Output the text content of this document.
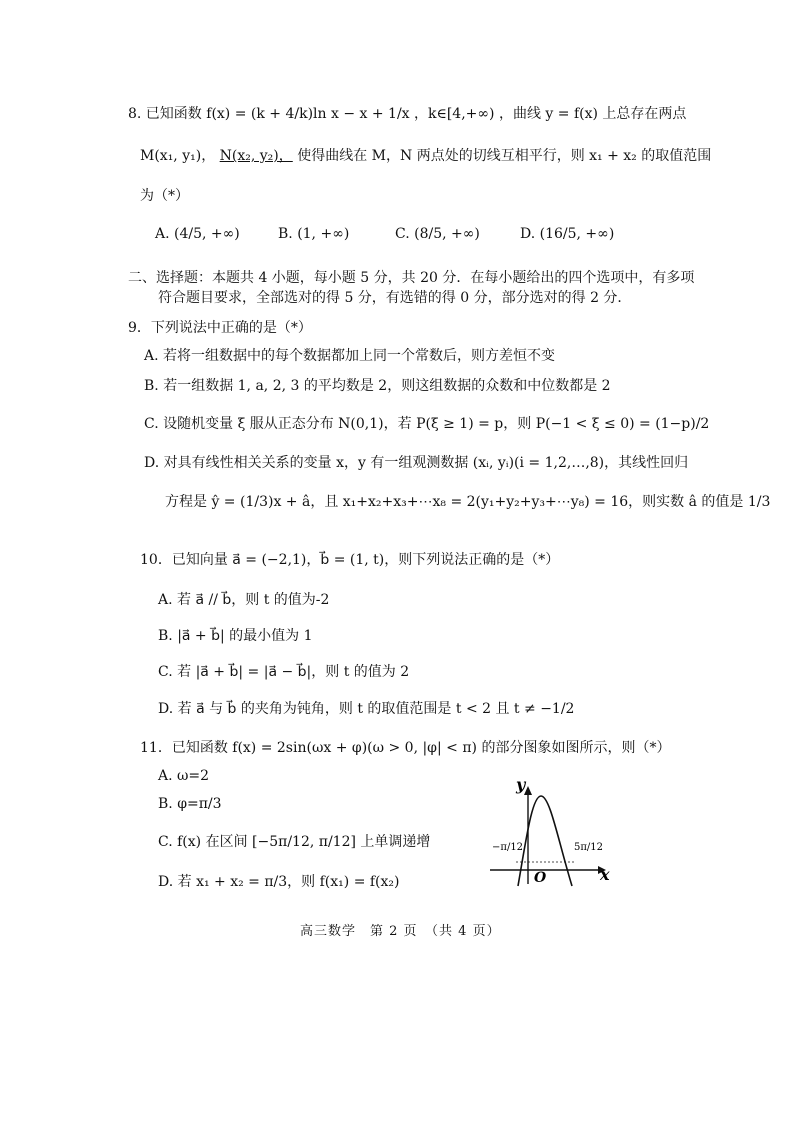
8. 已知函数 f(x) = (k + 4/k)ln x − x + 1/x ，k∈[4,+∞) ，曲线 y = f(x) 上总存在两点
M(x₁, y₁)， N(x₂, y₂)， 使得曲线在 M，N 两点处的切线互相平行，则 x₁ + x₂ 的取值范围
为（*）
A. (4/5, +∞)	B. (1, +∞)	C. (8/5, +∞)	D. (16/5, +∞)
二、选择题：本题共 4 小题，每小题 5 分，共 20 分．在每小题给出的四个选项中，有多项
符合题目要求，全部选对的得 5 分，有选错的得 0 分，部分选对的得 2 分．
9．下列说法中正确的是（*）
A. 若将一组数据中的每个数据都加上同一个常数后，则方差恒不变
B. 若一组数据 1, a, 2, 3 的平均数是 2，则这组数据的众数和中位数都是 2
C. 设随机变量 ξ 服从正态分布 N(0,1)，若 P(ξ ≥ 1) = p，则 P(−1 < ξ ≤ 0) = (1−p)/2
D. 对具有线性相关关系的变量 x，y 有一组观测数据 (xᵢ, yᵢ)(i = 1,2,…,8)，其线性回归
方程是 ŷ = (1/3)x + â，且 x₁+x₂+x₃+⋯x₈ = 2(y₁+y₂+y₃+⋯y₈) = 16，则实数 â 的值是 1/3
10．已知向量 a⃗ = (−2,1)，b⃗ = (1, t)，则下列说法正确的是（*）
A. 若 a⃗ // b⃗，则 t 的值为-2
B. |a⃗ + b⃗| 的最小值为 1
C. 若 |a⃗ + b⃗| = |a⃗ − b⃗|，则 t 的值为 2
D. 若 a⃗ 与 b⃗ 的夹角为钝角，则 t 的取值范围是 t < 2 且 t ≠ −1/2
11．已知函数 f(x) = 2sin(ωx + φ)(ω > 0, |φ| < π) 的部分图象如图所示，则（*）
A. ω=2
B. φ=π/3
C. f(x) 在区间 [−5π/12, π/12] 上单调递增
D. 若 x₁ + x₂ = π/3，则 f(x₁) = f(x₂)
y
x
O
−π/12	5π/12
高三数学　第 2 页　（共 4 页）
